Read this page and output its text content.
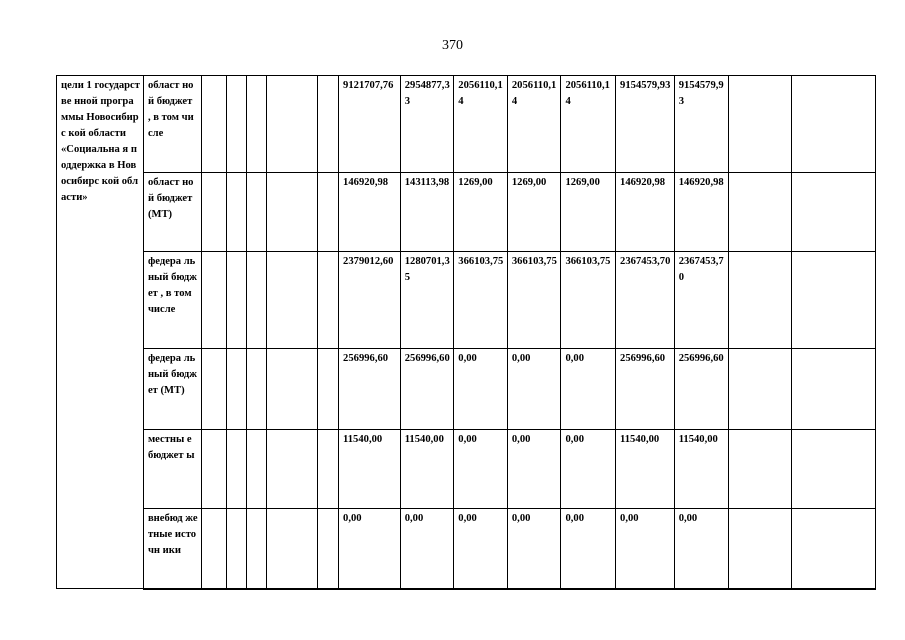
370
цели 1 государстве нной программы Новосибирс кой области «Социальна я поддержка в Новосибирс кой области»	област ной бюджет , в том числе						9121707,76	2954877,33	2056110,14	2056110,14	2056110,14	9154579,93	9154579,93		
	област ной бюджет (МТ)						146920,98	143113,98	1269,00	1269,00	1269,00	146920,98	146920,98		
	федера льный бюджет , в том числе						2379012,60	1280701,35	366103,75	366103,75	366103,75	2367453,70	2367453,70		
	федера льный бюджет (МТ)						256996,60	256996,60	0,00	0,00	0,00	256996,60	256996,60		
	местны е бюджет ы						11540,00	11540,00	0,00	0,00	0,00	11540,00	11540,00		
	внебюд жетные источн ики						0,00	0,00	0,00	0,00	0,00	0,00	0,00		
